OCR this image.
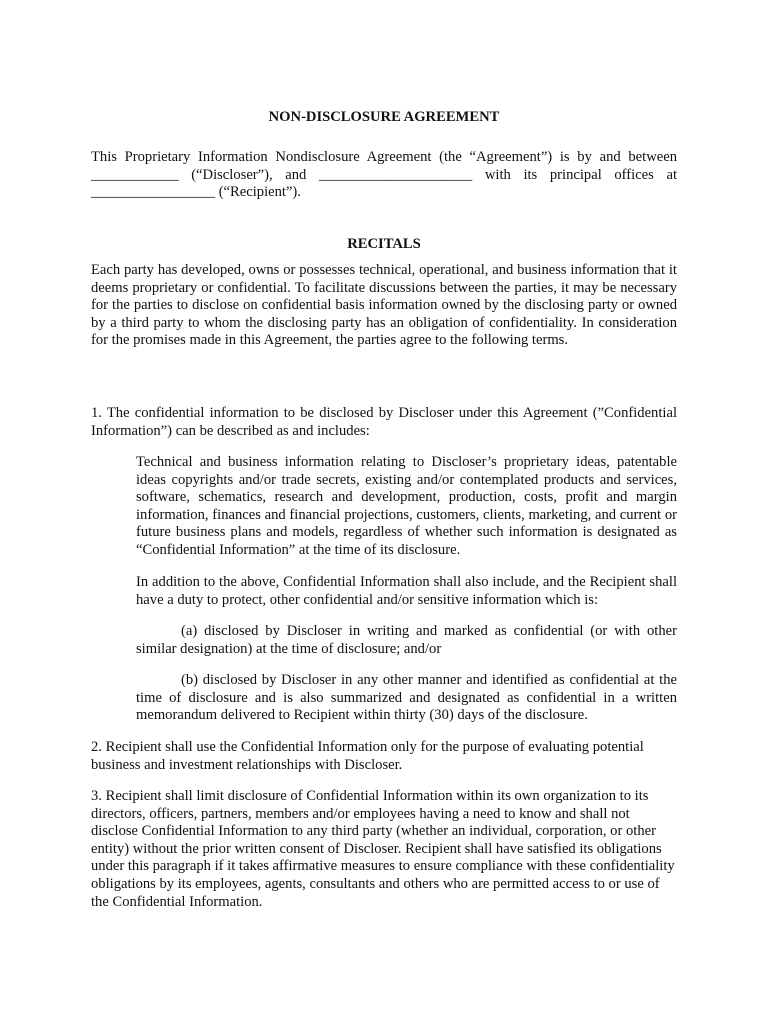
NON-DISCLOSURE AGREEMENT

This Proprietary Information Nondisclosure Agreement (the “Agreement”) is by and between ____________ (“Discloser”), and _____________________ with its principal offices at _________________ (“Recipient”).

RECITALS

Each party has developed, owns or possesses technical, operational, and business information that it deems proprietary or confidential. To facilitate discussions between the parties, it may be necessary for the parties to disclose on confidential basis information owned by the disclosing party or owned by a third party to whom the disclosing party has an obligation of confidentiality. In consideration for the promises made in this Agreement, the parties agree to the following terms.

1. The confidential information to be disclosed by Discloser under this Agreement (”Confidential Information”) can be described as and includes:

Technical and business information relating to Discloser’s proprietary ideas, patentable ideas copyrights and/or trade secrets, existing and/or contemplated products and services, software, schematics, research and development, production, costs, profit and margin information, finances and financial projections, customers, clients, marketing, and current or future business plans and models, regardless of whether such information is designated as “Confidential Information” at the time of its disclosure.

In addition to the above, Confidential Information shall also include, and the Recipient shall have a duty to protect, other confidential and/or sensitive information which is:

(a) disclosed by Discloser in writing and marked as confidential (or with other similar designation) at the time of disclosure; and/or

(b) disclosed by Discloser in any other manner and identified as confidential at the time of disclosure and is also summarized and designated as confidential in a written memorandum delivered to Recipient within thirty (30) days of the disclosure.

2. Recipient shall use the Confidential Information only for the purpose of evaluating potential business and investment relationships with Discloser.

3. Recipient shall limit disclosure of Confidential Information within its own organization to its directors, officers, partners, members and/or employees having a need to know and shall not disclose Confidential Information to any third party (whether an individual, corporation, or other entity) without the prior written consent of Discloser. Recipient shall have satisfied its obligations under this paragraph if it takes affirmative measures to ensure compliance with these confidentiality obligations by its employees, agents, consultants and others who are permitted access to or use of the Confidential Information.
